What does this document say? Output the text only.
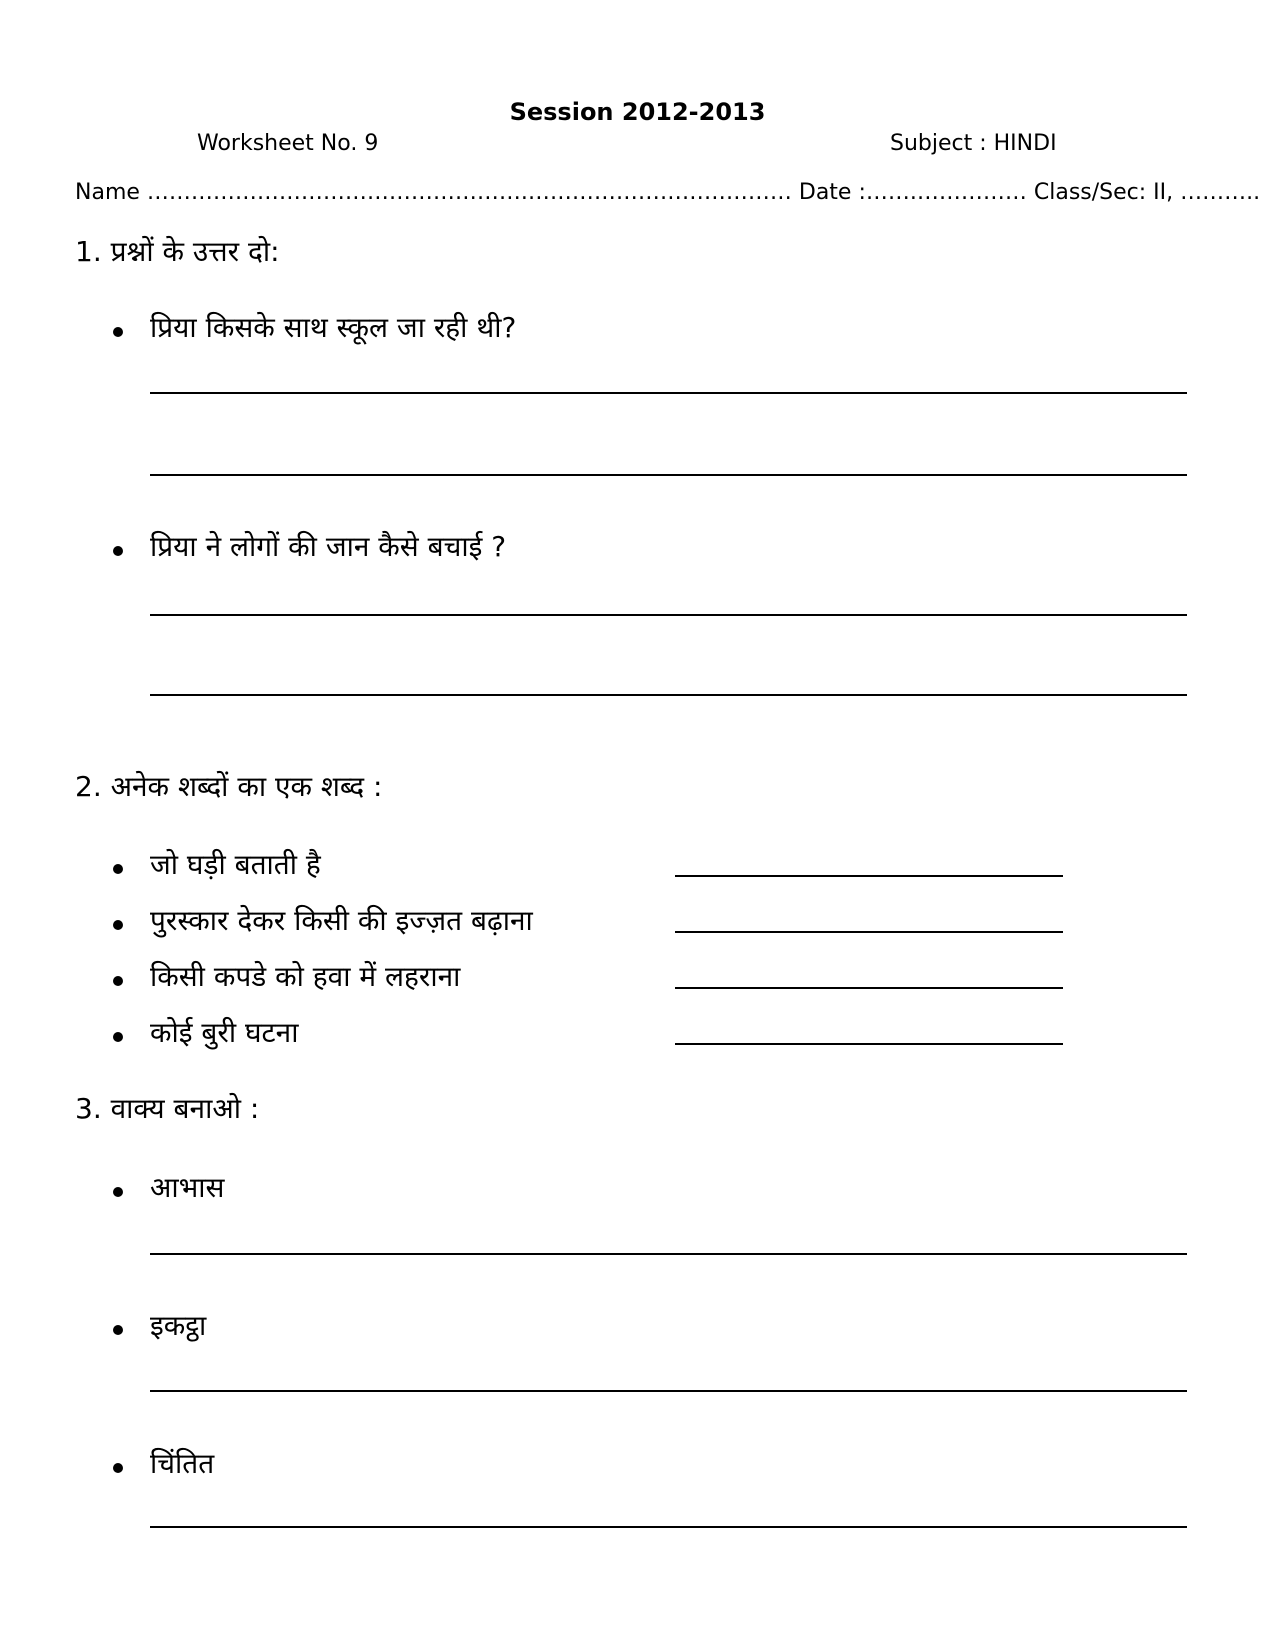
Session 2012-2013
Worksheet No. 9	Subject : HINDI
Name …………………………………………….……………………………… Date :…….…………… Class/Sec: II, ………..
1. प्रश्नों के उत्तर दो:
प्रिया किसके साथ स्कूल जा रही थी?
प्रिया ने लोगों की जान कैसे बचाई ?
2. अनेक शब्दों का एक शब्द :
जो घड़ी बताती है
पुरस्कार देकर किसी की इज्ज़त बढ़ाना
किसी कपडे को हवा में लहराना
कोई बुरी घटना
3. वाक्य बनाओ :
आभास
इकट्ठा
चिंतित
